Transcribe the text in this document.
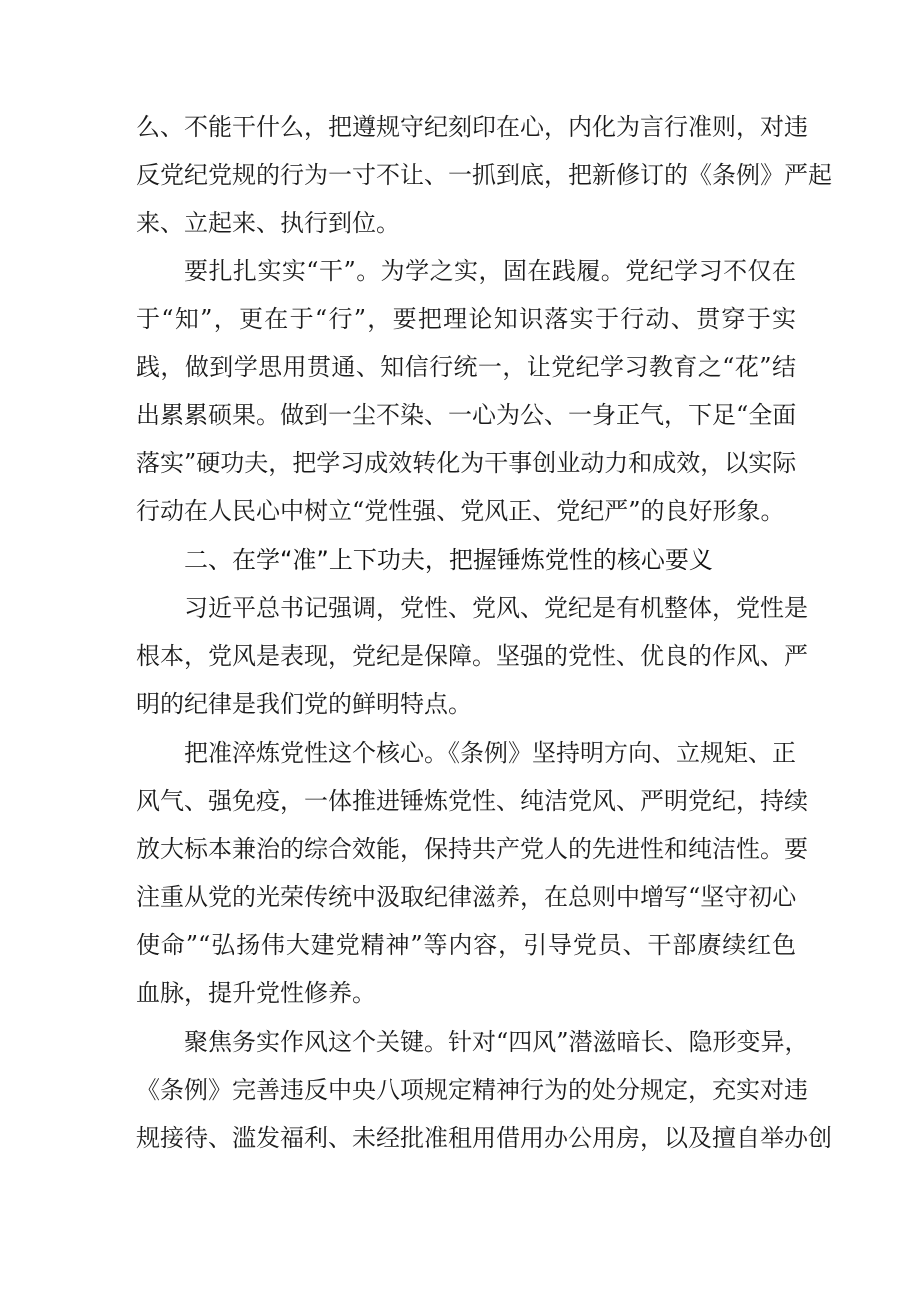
么、不能干什么，把遵规守纪刻印在心，内化为言行准则，对违
反党纪党规的行为一寸不让、一抓到底，把新修订的《条例》严起
来、立起来、执行到位。
要扎扎实实“干”。为学之实，固在践履。党纪学习不仅在
于“知”，更在于“行”，要把理论知识落实于行动、贯穿于实
践，做到学思用贯通、知信行统一，让党纪学习教育之“花”结
出累累硕果。做到一尘不染、一心为公、一身正气，下足“全面
落实”硬功夫，把学习成效转化为干事创业动力和成效，以实际
行动在人民心中树立“党性强、党风正、党纪严”的良好形象。
二、在学“准”上下功夫，把握锤炼党性的核心要义
习近平总书记强调，党性、党风、党纪是有机整体，党性是
根本，党风是表现，党纪是保障。坚强的党性、优良的作风、严
明的纪律是我们党的鲜明特点。
把准淬炼党性这个核心。《条例》坚持明方向、立规矩、正
风气、强免疫，一体推进锤炼党性、纯洁党风、严明党纪，持续
放大标本兼治的综合效能，保持共产党人的先进性和纯洁性。要
注重从党的光荣传统中汲取纪律滋养，在总则中增写“坚守初心
使命”“弘扬伟大建党精神”等内容，引导党员、干部赓续红色
血脉，提升党性修养。
聚焦务实作风这个关键。针对“四风”潜滋暗长、隐形变异，
《条例》完善违反中央八项规定精神行为的处分规定，充实对违
规接待、滥发福利、未经批准租用借用办公用房，以及擅自举办创
